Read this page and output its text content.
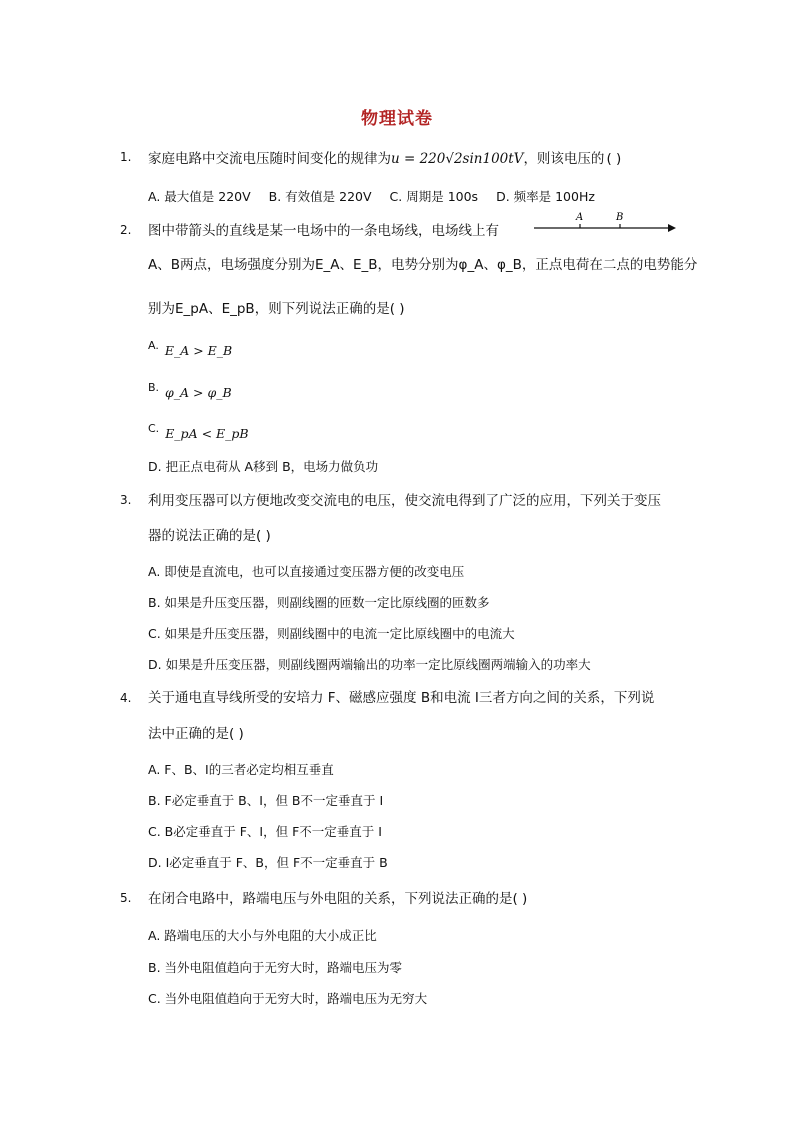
物理试卷
1. 家庭电路中交流电压随时间变化的规律为u = 220√2sin100tV，则该电压的 ( )
A. 最大值是 220V B. 有效值是 220V C. 周期是 100s D. 频率是 100Hz
2. 图中带箭头的直线是某一电场中的一条电场线，电场线上有
A	B
A、B两点，电场强度分别为E_A、E_B，电势分别为φ_A、φ_B，正点电荷在二点的电势能分
别为E_pA、E_pB，则下列说法正确的是( )
A. E_A > E_B
B. φ_A > φ_B
C. E_pA < E_pB
D. 把正点电荷从 A移到 B，电场力做负功
3. 利用变压器可以方便地改变交流电的电压，使交流电得到了广泛的应用，下列关于变压
器的说法正确的是( )
A. 即使是直流电，也可以直接通过变压器方便的改变电压
B. 如果是升压变压器，则副线圈的匝数一定比原线圈的匝数多
C. 如果是升压变压器，则副线圈中的电流一定比原线圈中的电流大
D. 如果是升压变压器，则副线圈两端输出的功率一定比原线圈两端输入的功率大
4. 关于通电直导线所受的安培力 F、磁感应强度 B和电流 I三者方向之间的关系，下列说
法中正确的是( )
A. F、B、I的三者必定均相互垂直
B. F必定垂直于 B、I，但 B不一定垂直于 I
C. B必定垂直于 F、I，但 F不一定垂直于 I
D. I必定垂直于 F、B，但 F不一定垂直于 B
5. 在闭合电路中，路端电压与外电阻的关系，下列说法正确的是( )
A. 路端电压的大小与外电阻的大小成正比
B. 当外电阻值趋向于无穷大时，路端电压为零
C. 当外电阻值趋向于无穷大时，路端电压为无穷大
